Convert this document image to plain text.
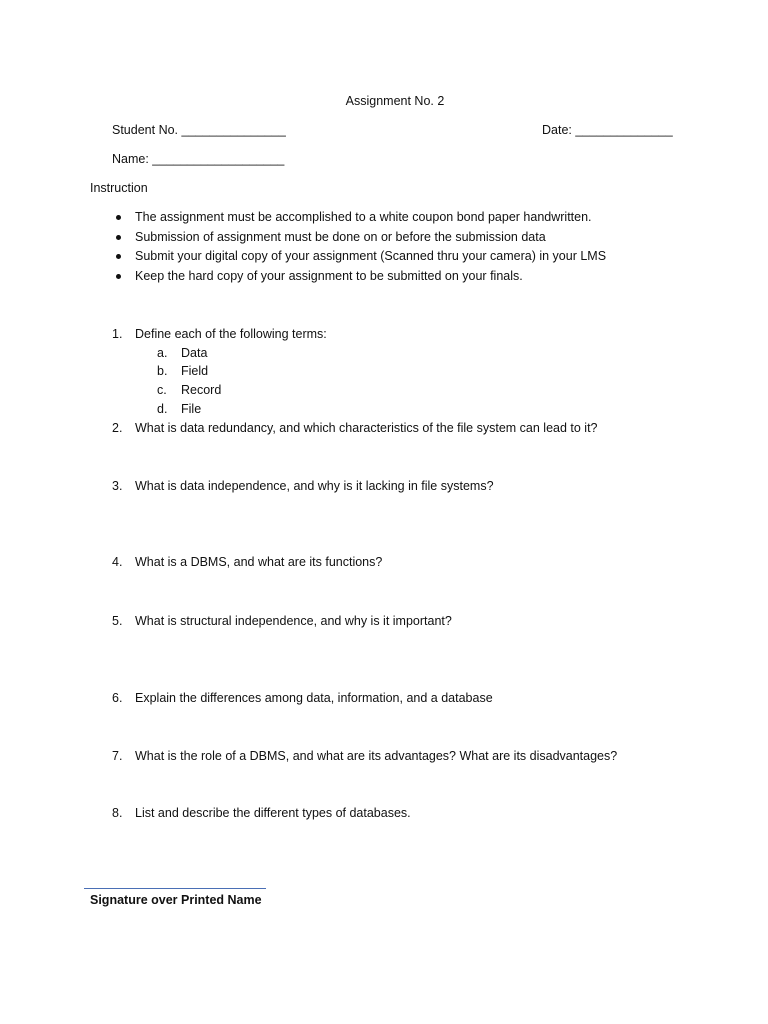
Assignment No. 2
Student No. _______________	Date: ______________
Name: ___________________
Instruction
The assignment must be accomplished to a white coupon bond paper handwritten.
Submission of assignment must be done on or before the submission data
Submit your digital copy of your assignment (Scanned thru your camera) in your LMS
Keep the hard copy of your assignment to be submitted on your finals.
1. Define each of the following terms:
a. Data
b. Field
c. Record
d. File
2. What is data redundancy, and which characteristics of the file system can lead to it?
3. What is data independence, and why is it lacking in file systems?
4. What is a DBMS, and what are its functions?
5. What is structural independence, and why is it important?
6. Explain the differences among data, information, and a database
7. What is the role of a DBMS, and what are its advantages? What are its disadvantages?
8. List and describe the different types of databases.
Signature over Printed Name
